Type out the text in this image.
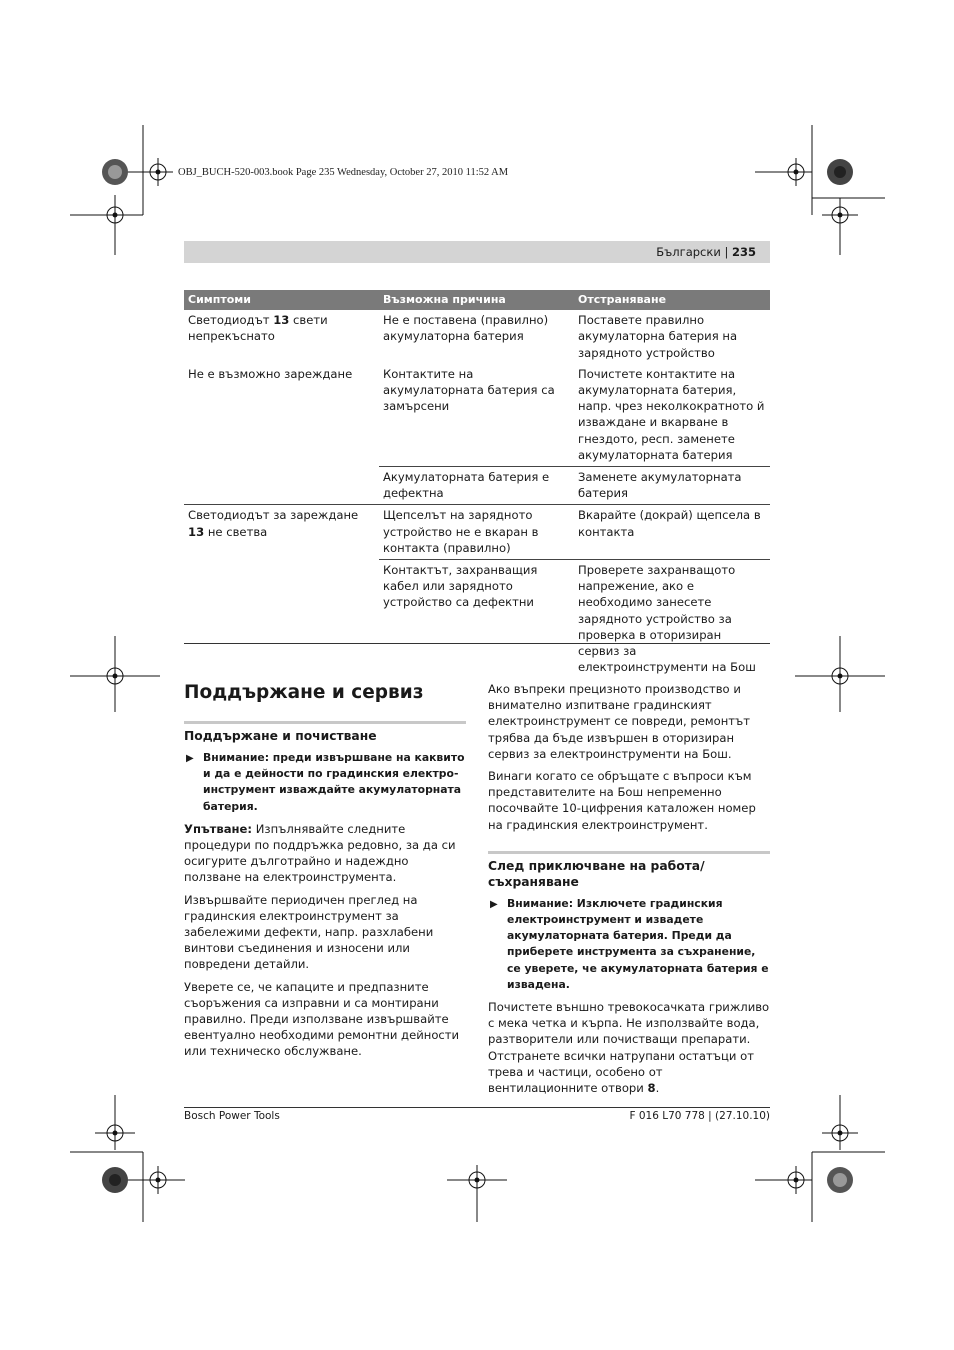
OBJ_BUCH-520-003.book Page 235 Wednesday, October 27, 2010 11:52 AM
Български | 235
Симптоми	Възможна причина	Отстраняване
Светодиодът 13 свети непрекъснато	Не е поставена (правилно) акумулаторна батерия	Поставете правилно акумулаторна батерия на зарядното устройство
Не е възможно зареждане	Контактите на акумулаторната батерия са замърсени	Почистете контактите на акумулаторната батерия, напр. чрез неколкократното й изваждане и вкарване в гнездото, респ. заменете акумулаторната батерия
	Акумулаторната батерия е дефектна	Заменете акумулаторната батерия
Светодиодът за зареждане 13 не светва	Щепселът на зарядното устройство не е вкаран в контакта (правилно)	Вкарайте (докрай) щепсела в контакта
	Контактът, захранващия кабел или зарядното устройство са дефектни	Проверете захранващото напрежение, ако е необходимо занесете зарядното устройство за проверка в оторизиран сервиз за електроинструменти на Бош
Поддържане и сервиз
Поддържане и почистване
▶ Внимание: преди извършване на каквито и да е дейности по градинския електроинструмент изваждайте акумулаторната батерия.

Упътване: Изпълнявайте следните процедури по поддръжка редовно, за да си осигурите дълготрайно и надеждно ползване на електроинструмента.

Извършвайте периодичен преглед на градинския електроинструмент за забележими дефекти, напр. разхлабени винтови съединения и износени или повредени детайли.

Уверете се, че капаците и предпазните съоръжения са изправни и са монтирани правилно. Преди използване извършвайте евентуално необходими ремонтни дейности или техническо обслужване.

Ако въпреки прецизното производство и внимателно изпитване градинският електроинструмент се повреди, ремонтът трябва да бъде извършен в оторизиран сервиз за електроинструменти на Бош.

Винаги когато се обръщате с въпроси към представителите на Бош непременно посочвайте 10-цифрения каталожен номер на градинския електроинструмент.

След приключване на работа/ съхраняване
▶ Внимание: Изключете градинския електроинструмент и извадете акумулаторната батерия. Преди да приберете инструмента за съхранение, се уверете, че акумулаторната батерия е извадена.

Почистете външно тревокосачката грижливо с мека четка и кърпа. Не използвайте вода, разтворители или почистващи препарати. Отстранете всички натрупани остатъци от трева и частици, особено от вентилационните отвори 8.

Bosch Power Tools	F 016 L70 778 | (27.10.10)
